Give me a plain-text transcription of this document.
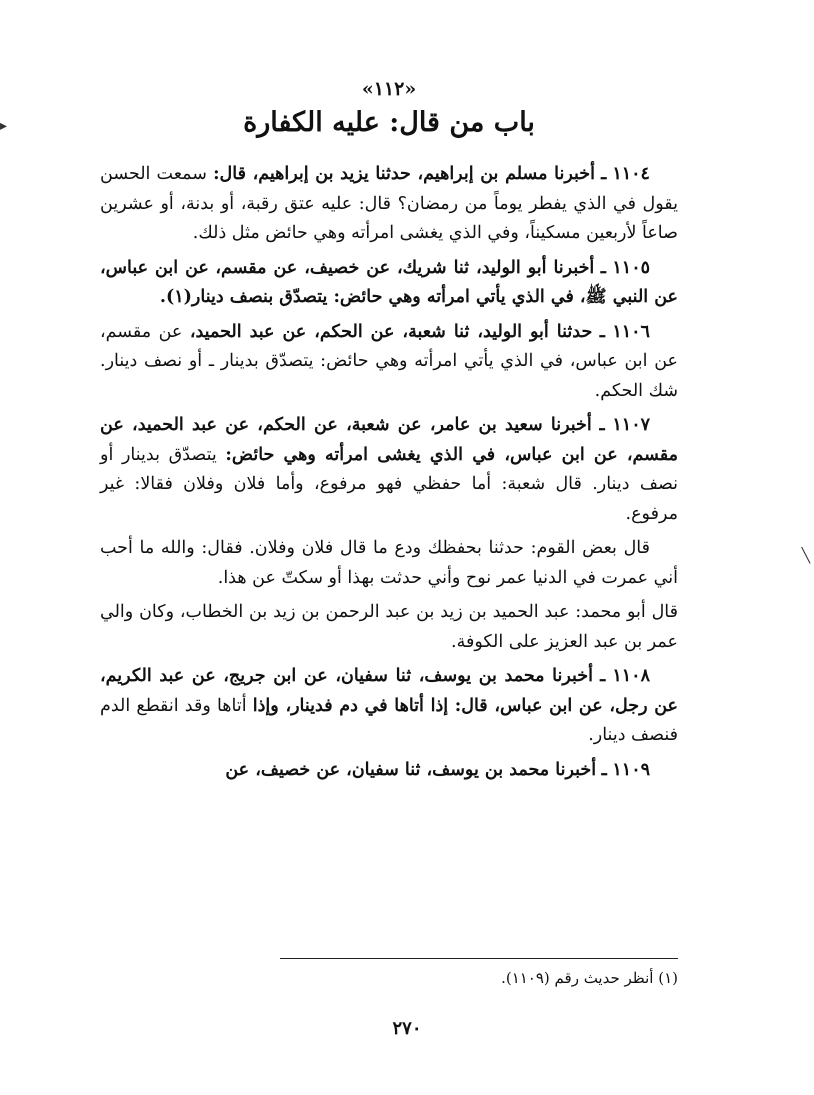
«١١٢»
باب من قال: عليه الكفارة

١١٠٤ ـ أخبرنا مسلم بن إبراهيم، حدثنا يزيد بن إبراهيم، قال: سمعت الحسن يقول في الذي يفطر يوماً من رمضان؟ قال: عليه عتق رقبة، أو بدنة، أو عشرين صاعاً لأربعين مسكيناً، وفي الذي يغشى امرأته وهي حائض مثل ذلك.

١١٠٥ ـ أخبرنا أبو الوليد، ثنا شريك، عن خصيف، عن مقسم، عن ابن عباس، عن النبي ﷺ، في الذي يأتي امرأته وهي حائض: يتصدّق بنصف دينار(١).

١١٠٦ ـ حدثنا أبو الوليد، ثنا شعبة، عن الحكم، عن عبد الحميد، عن مقسم، عن ابن عباس، في الذي يأتي امرأته وهي حائض: يتصدّق بدينار ـ أو نصف دينار. شك الحكم.

١١٠٧ ـ أخبرنا سعيد بن عامر، عن شعبة، عن الحكم، عن عبد الحميد، عن مقسم، عن ابن عباس، في الذي يغشى امرأته وهي حائض: يتصدّق بدينار أو نصف دينار. قال شعبة: أما حفظي فهو مرفوع، وأما فلان وفلان فقالا: غير مرفوع.

قال بعض القوم: حدثنا بحفظك ودع ما قال فلان وفلان. فقال: والله ما أحب أني عمرت في الدنيا عمر نوح وأني حدثت بهذا أو سكتّ عن هذا.

قال أبو محمد: عبد الحميد بن زيد بن عبد الرحمن بن زيد بن الخطاب، وكان والي عمر بن عبد العزيز على الكوفة.

١١٠٨ ـ أخبرنا محمد بن يوسف، ثنا سفيان، عن ابن جريج، عن عبد الكريم، عن رجل، عن ابن عباس، قال: إذا أتاها في دم فدينار، وإذا أتاها وقد انقطع الدم فنصف دينار.

١١٠٩ ـ أخبرنا محمد بن يوسف، ثنا سفيان، عن خصيف، عن

(١) أنظر حديث رقم (١١٠٩).
٢٧٠
▸
╲
